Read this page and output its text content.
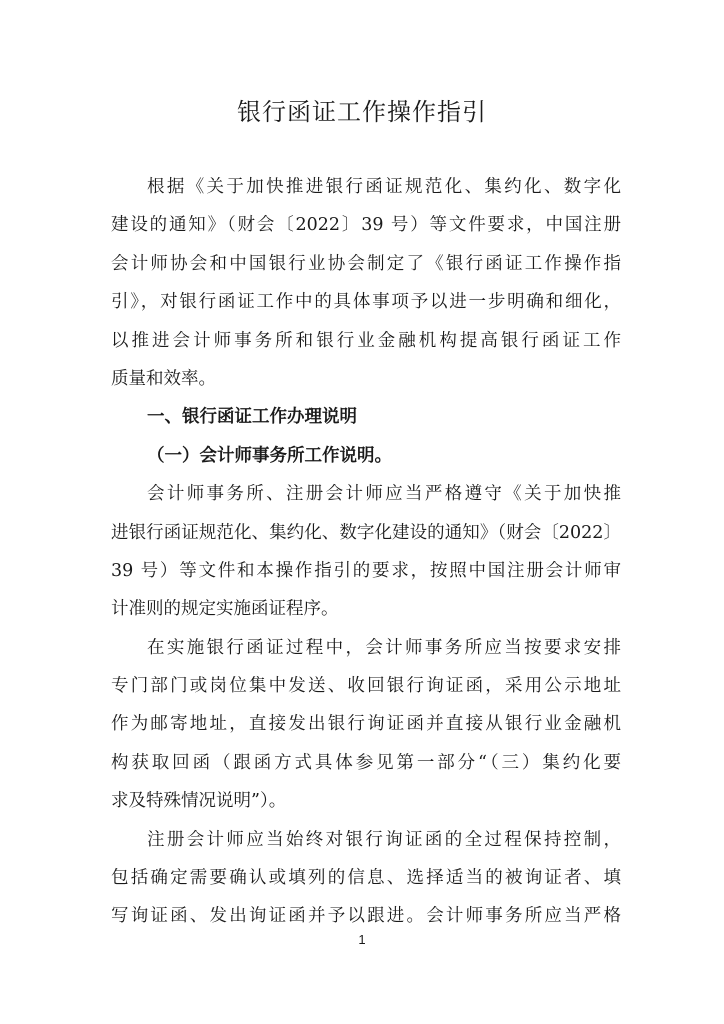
银行函证工作操作指引
根据《关于加快推进银行函证规范化、集约化、数字化
建设的通知》（财会〔2022〕39 号）等文件要求，中国注册
会计师协会和中国银行业协会制定了《银行函证工作操作指
引》，对银行函证工作中的具体事项予以进一步明确和细化，
以推进会计师事务所和银行业金融机构提高银行函证工作
质量和效率。
一、银行函证工作办理说明
（一）会计师事务所工作说明。
会计师事务所、注册会计师应当严格遵守《关于加快推
进银行函证规范化、集约化、数字化建设的通知》（财会〔2022〕
39 号）等文件和本操作指引的要求，按照中国注册会计师审
计准则的规定实施函证程序。
在实施银行函证过程中，会计师事务所应当按要求安排
专门部门或岗位集中发送、收回银行询证函，采用公示地址
作为邮寄地址，直接发出银行询证函并直接从银行业金融机
构获取回函（跟函方式具体参见第一部分“（三）集约化要
求及特殊情况说明”）。
注册会计师应当始终对银行询证函的全过程保持控制，
包括确定需要确认或填列的信息、选择适当的被询证者、填
写询证函、发出询证函并予以跟进。会计师事务所应当严格
1
